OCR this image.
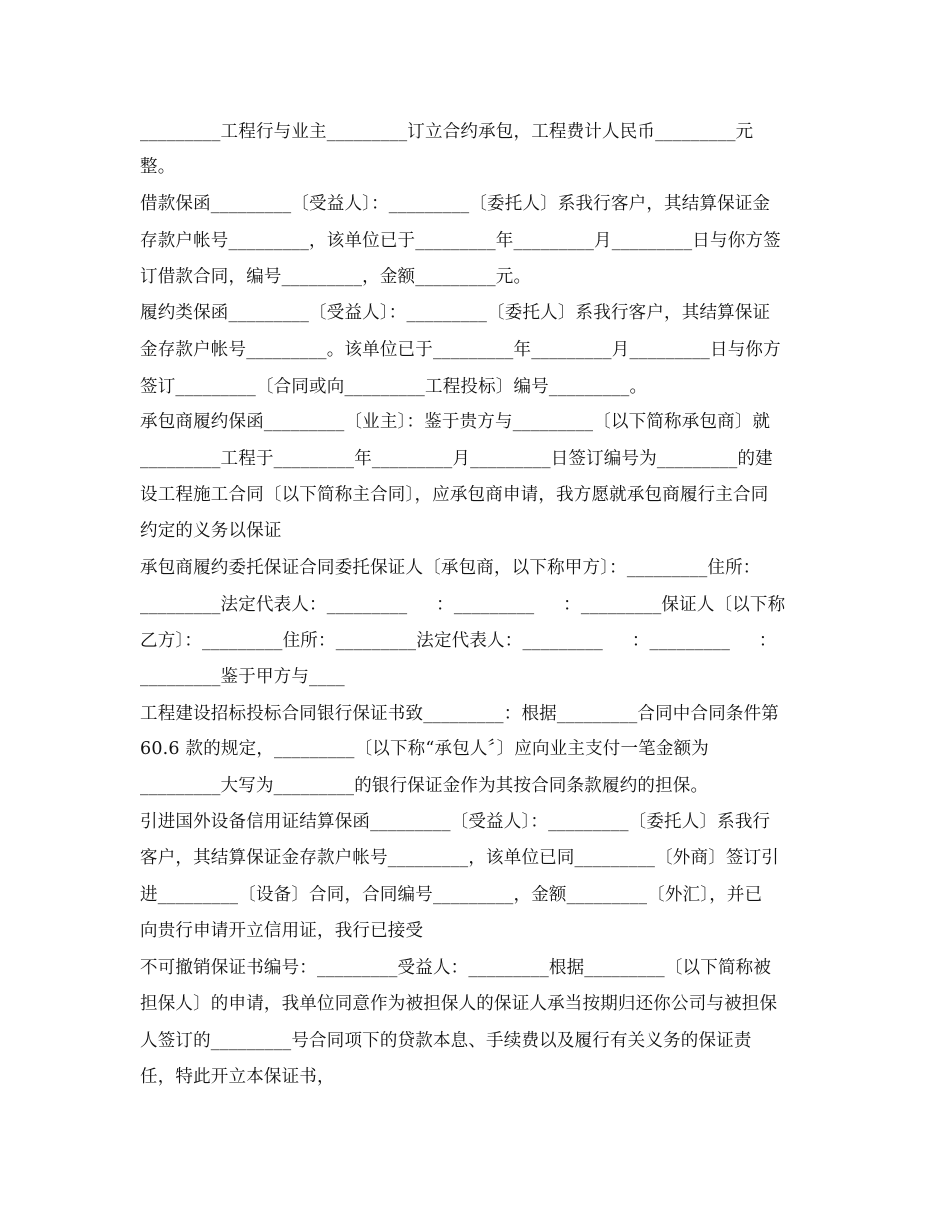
_________工程行与业主_________订立合约承包，工程费计人民币_________元
整。
借款保函_________〔受益人〕：_________〔委托人〕系我行客户，其结算保证金
存款户帐号_________，该单位已于_________年_________月_________日与你方签
订借款合同，编号_________，金额_________元。
履约类保函_________〔受益人〕：_________〔委托人〕系我行客户，其结算保证
金存款户帐号_________。该单位已于_________年_________月_________日与你方
签订_________〔合同或向_________工程投标〕编号_________。
承包商履约保函_________〔业主〕：鉴于贵方与_________〔以下简称承包商〕就
_________工程于_________年_________月_________日签订编号为_________的建
设工程施工合同〔以下简称主合同〕，应承包商申请，我方愿就承包商履行主合同
约定的义务以保证
承包商履约委托保证合同委托保证人〔承包商，以下称甲方〕：_________住所：
_________法定代表人：_________     ：_________     ：_________保证人〔以下称
乙方〕：_________住所：_________法定代表人：_________     ：_________     ：
_________鉴于甲方与____
工程建设招标投标合同银行保证书致_________：根据_________合同中合同条件第
60.6 款的规定，_________〔以下称“承包人〞〕应向业主支付一笔金额为
_________大写为_________的银行保证金作为其按合同条款履约的担保。
引进国外设备信用证结算保函_________〔受益人〕：_________〔委托人〕系我行
客户，其结算保证金存款户帐号_________，该单位已同_________〔外商〕签订引
进_________〔设备〕合同，合同编号_________，金额_________〔外汇〕，并已
向贵行申请开立信用证，我行已接受
不可撤销保证书编号：_________受益人：_________根据_________〔以下简称被
担保人〕的申请，我单位同意作为被担保人的保证人承当按期归还你公司与被担保
人签订的_________号合同项下的贷款本息、手续费以及履行有关义务的保证责
任，特此开立本保证书，
